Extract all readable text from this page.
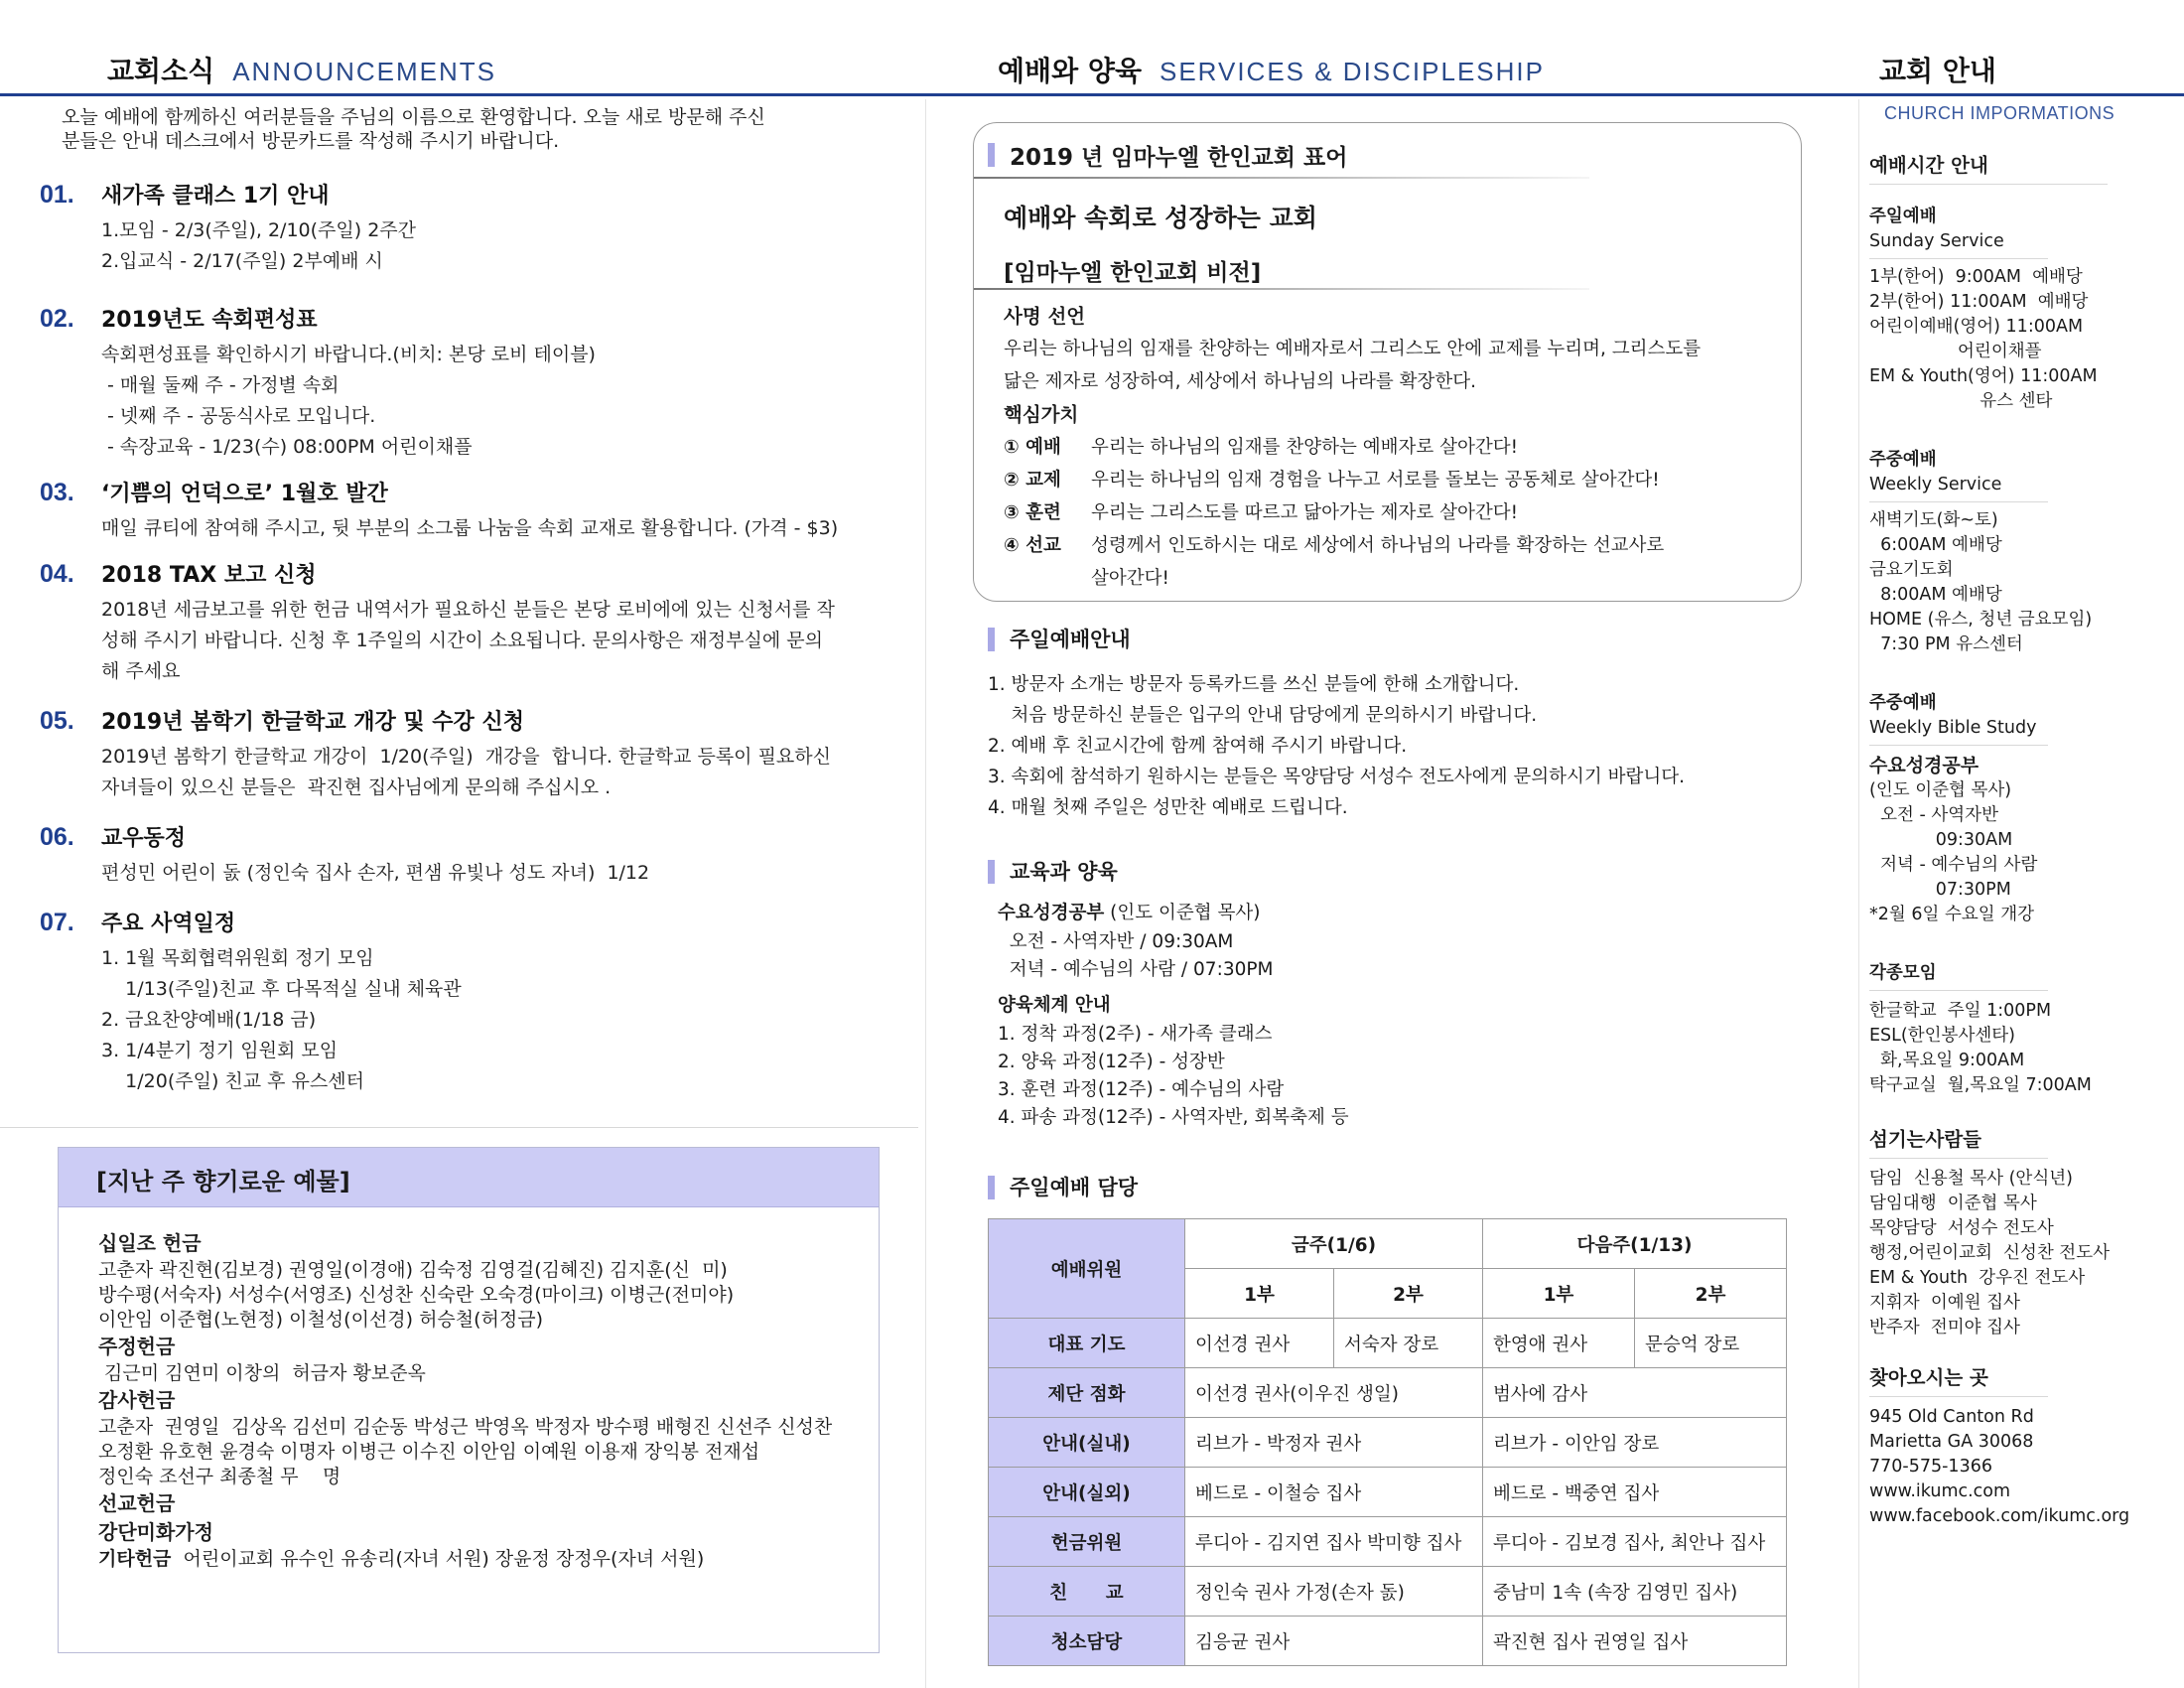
교회소식 ANNOUNCEMENTS	예배와 양육 SERVICES & DISCIPLESHIP	교회 안내
오늘 예배에 함께하신 여러분들을 주님의 이름으로 환영합니다. 오늘 새로 방문해 주신
분들은 안내 데스크에서 방문카드를 작성해 주시기 바랍니다.
01.	새가족 클래스 1기 안내
1.모임 - 2/3(주일), 2/10(주일) 2주간
2.입교식 - 2/17(주일) 2부예배 시
02.	2019년도 속회편성표
속회편성표를 확인하시기 바랍니다.(비치: 본당 로비 테이블)
- 매월 둘째 주 - 가정별 속회
- 넷째 주 - 공동식사로 모입니다.
- 속장교육 - 1/23(수) 08:00PM 어린이채플
03.	‘기쁨의 언덕으로’ 1월호 발간
매일 큐티에 참여해 주시고, 뒷 부분의 소그룹 나눔을 속회 교재로 활용합니다. (가격 - $3)
04.	2018 TAX 보고 신청
2018년 세금보고를 위한 헌금 내역서가 필요하신 분들은 본당 로비에에 있는 신청서를 작
성해 주시기 바랍니다. 신청 후 1주일의 시간이 소요됩니다. 문의사항은 재정부실에 문의
해 주세요
05.	2019년 봄학기 한글학교 개강 및 수강 신청
2019년 봄학기 한글학교 개강이  1/20(주일)  개강을  합니다. 한글학교 등록이 필요하신
자녀들이 있으신 분들은  곽진현 집사님에게 문의해 주십시오 .
06.	교우동정
편성민 어린이 돐 (정인숙 집사 손자, 편샘 유빛나 성도 자녀)  1/12
07.	주요 사역일정
1. 1월 목회협력위원회 정기 모임
1/13(주일)친교 후 다목적실 실내 체육관
2. 금요찬양예배(1/18 금)
3. 1/4분기 정기 임원회 모임
1/20(주일) 친교 후 유스센터
[지난 주 향기로운 예물]
십일조 헌금
고춘자 곽진현(김보경) 권영일(이경애) 김숙정 김영걸(김혜진) 김지훈(신  미)
방수평(서숙자) 서성수(서영조) 신성찬 신숙란 오숙경(마이크) 이병근(전미야)
이안임 이준협(노현정) 이철성(이선경) 허승철(허정금)
주정헌금
김근미 김연미 이창의  허금자 황보준옥
감사헌금
고춘자  권영일  김상옥 김선미 김순동 박성근 박영옥 박정자 방수평 배형진 신선주 신성찬
오정환 유호현 윤경숙 이명자 이병근 이수진 이안임 이예원 이용재 장익봉 전재섭
정인숙 조선구 최종철 무    명
선교헌금
강단미화가정
기타헌금  어린이교회 유수인 유송리(자녀 서원) 장윤정 장정우(자녀 서원)
2019 년 임마누엘 한인교회 표어
예배와 속회로 성장하는 교회
[임마누엘 한인교회 비전]
사명 선언
우리는 하나님의 임재를 찬양하는 예배자로서 그리스도 안에 교제를 누리며, 그리스도를
닮은 제자로 성장하여, 세상에서 하나님의 나라를 확장한다.
핵심가치
① 예배	우리는 하나님의 임재를 찬양하는 예배자로 살아간다!
② 교제	우리는 하나님의 임재 경험을 나누고 서로를 돌보는 공동체로 살아간다!
③ 훈련	우리는 그리스도를 따르고 닮아가는 제자로 살아간다!
④ 선교	성령께서 인도하시는 대로 세상에서 하나님의 나라를 확장하는 선교사로
살아간다!
주일예배안내
1. 방문자 소개는 방문자 등록카드를 쓰신 분들에 한해 소개합니다.
처음 방문하신 분들은 입구의 안내 담당에게 문의하시기 바랍니다.
2. 예배 후 친교시간에 함께 참여해 주시기 바랍니다.
3. 속회에 참석하기 원하시는 분들은 목양담당 서성수 전도사에게 문의하시기 바랍니다.
4. 매월 첫째 주일은 성만찬 예배로 드립니다.
교육과 양육
수요성경공부 (인도 이준협 목사)
오전 - 사역자반 / 09:30AM
저녁 - 예수님의 사람 / 07:30PM
양육체계 안내
1. 정착 과정(2주) - 새가족 클래스
2. 양육 과정(12주) - 성장반
3. 훈련 과정(12주) - 예수님의 사람
4. 파송 과정(12주) - 사역자반, 회복축제 등
주일예배 담당
예배위원	금주(1/6)		다음주(1/13)	
	1부	2부	1부	2부
대표 기도	이선경 권사	서숙자 장로	한영애 권사	문승억 장로
제단 점화	이선경 권사(이우진 생일)		범사에 감사	
안내(실내)	리브가 - 박정자 권사		리브가 - 이안임 장로	
안내(실외)	베드로 - 이철승 집사		베드로 - 백중연 집사	
헌금위원	루디아 - 김지연 집사 박미향 집사		루디아 - 김보경 집사, 최안나 집사	
친      교	정인숙 권사 가정(손자 돐)		중남미 1속 (속장 김영민 집사)	
청소담당	김응균 권사		곽진현 집사 권영일 집사	
CHURCH IMPORMATIONS
예배시간 안내
주일예배
Sunday Service
1부(한어)  9:00AM  예배당
2부(한어) 11:00AM  예배당
어린이예배(영어) 11:00AM
어린이채플
EM & Youth(영어) 11:00AM
유스 센타
주중예배
Weekly Service
새벽기도(화~토)
6:00AM 예배당
금요기도회
8:00AM 예배당
HOME (유스, 청년 금요모임)
7:30 PM 유스센터
주중예배
Weekly Bible Study
수요성경공부
(인도 이준협 목사)
오전 - 사역자반
09:30AM
저녁 - 예수님의 사람
07:30PM
*2월 6일 수요일 개강
각종모임
한글학교  주일 1:00PM
ESL(한인봉사센타)
화,목요일 9:00AM
탁구교실  월,목요일 7:00AM
섬기는사람들
담임  신용철 목사 (안식년)
담임대행  이준협 목사
목양담당  서성수 전도사
행정,어린이교회  신성찬 전도사
EM & Youth  강우진 전도사
지휘자  이예원 집사
반주자  전미야 집사
찾아오시는 곳
945 Old Canton Rd
Marietta GA 30068
770-575-1366
www.ikumc.com
www.facebook.com/ikumc.org
